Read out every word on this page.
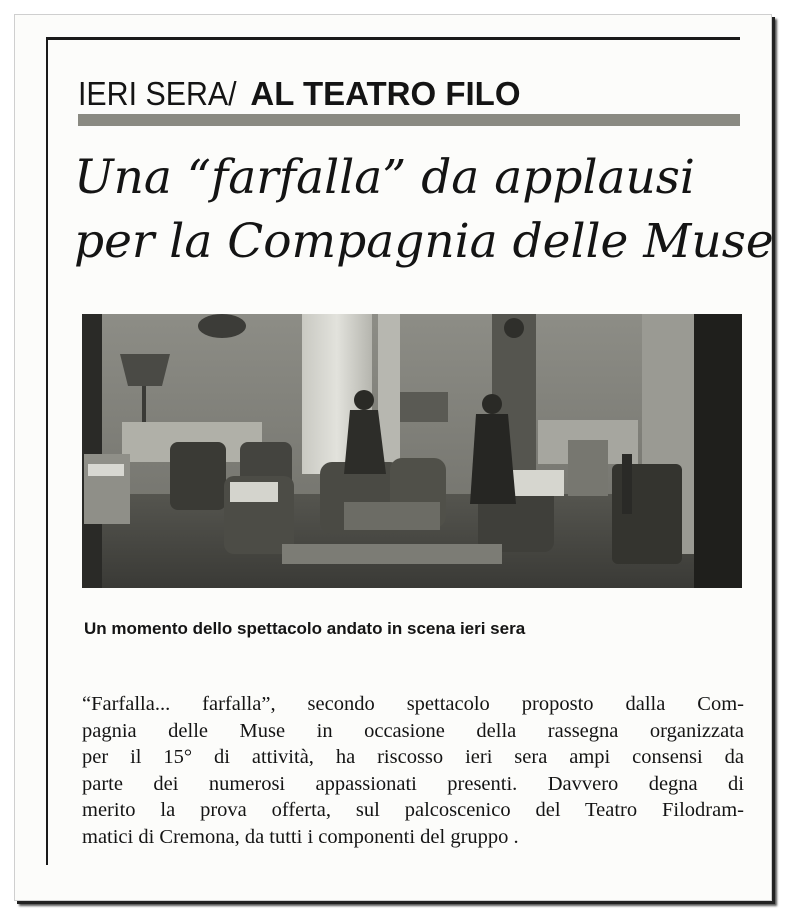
IERI SERA/ AL TEATRO FILO
Una “farfalla” da applausi
per la Compagnia delle Muse
Un momento dello spettacolo andato in scena ieri sera
“Farfalla... farfalla”, secondo spettacolo proposto dalla Com-
pagnia delle Muse in occasione della rassegna organizzata
per il 15° di attività, ha riscosso ieri sera ampi consensi da
parte dei numerosi appassionati presenti. Davvero degna di
merito la prova offerta, sul palcoscenico del Teatro Filodram-
matici di Cremona, da tutti i componenti del gruppo .
